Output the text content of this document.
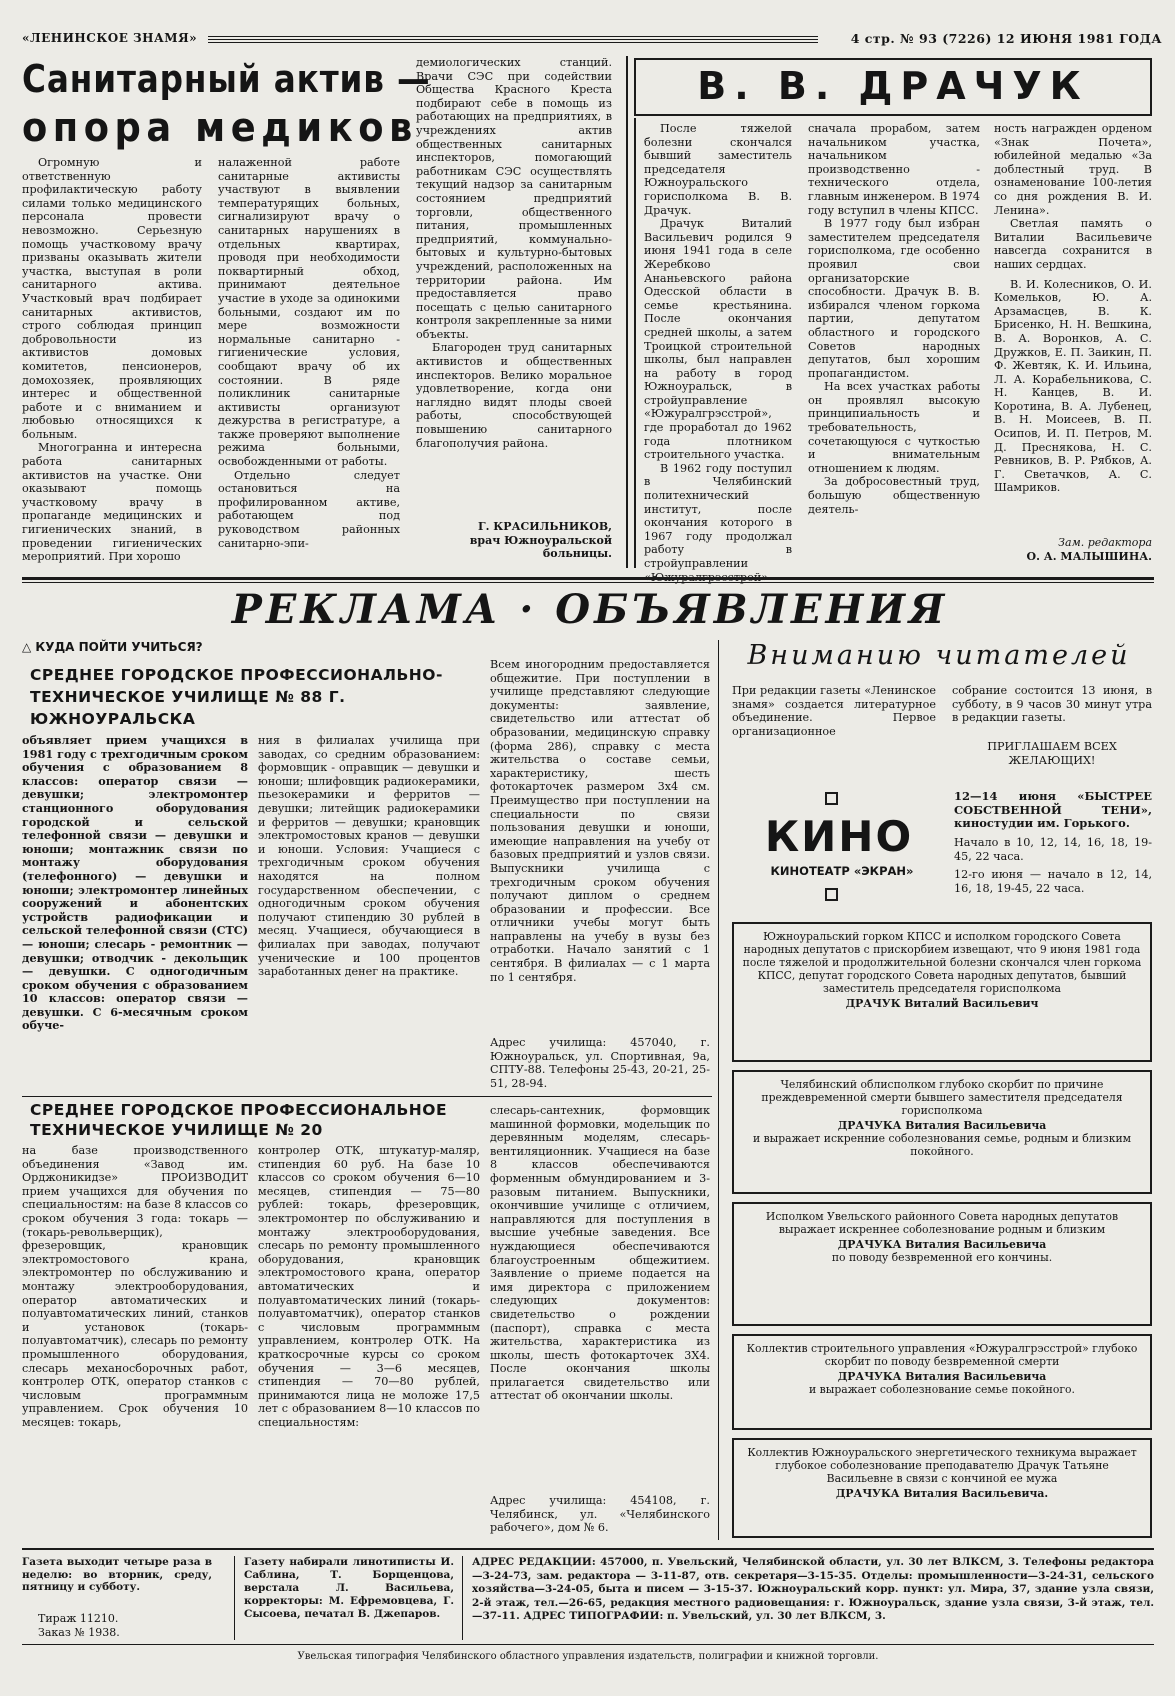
«ЛЕНИНСКОЕ ЗНАМЯ»	4 стр. № 93 (7226) 12 ИЮНЯ 1981 ГОДА
Санитарный актив —
опора медиков
Огромную и ответственную профилактическую работу силами только медицинского персонала провести невозможно. Серьезную помощь участковому врачу призваны оказывать жители участка, выступая в роли санитарного актива. Участковый врач подбирает санитарных активистов, строго соблюдая принцип добровольности из активистов домовых комитетов, пенсионеров, домохозяек, проявляющих интерес и общественной работе и с вниманием и любовью относящихся к больным.
Многогранна и интересна работа санитарных активистов на участке. Они оказывают помощь участковому врачу в пропаганде медицинских и гигиенических знаний, в проведении гигиенических мероприятий. При хорошо
налаженной работе санитарные активисты участвуют в выявлении температурящих больных, сигнализируют врачу о санитарных нарушениях в отдельных квартирах, проводя при необходимости поквартирный обход, принимают деятельное участие в уходе за одинокими больными, создают им по мере возможности нормальные санитарно - гигиенические условия, сообщают врачу об их состоянии. В ряде поликлиник санитарные активисты организуют дежурства в регистратуре, а также проверяют выполнение режима больными, освобожденными от работы.
Отдельно следует остановиться на профилированном активе, работающем под руководством районных санитарно-эпи-
демиологических станций. Врачи СЭС при содействии Общества Красного Креста подбирают себе в помощь из работающих на предприятиях, в учреждениях актив общественных санитарных инспекторов, помогающий работникам СЭС осуществлять текущий надзор за санитарным состоянием предприятий торговли, общественного питания, промышленных предприятий, коммунально-бытовых и культурно-бытовых учреждений, расположенных на территории района. Им предоставляется право посещать с целью санитарного контроля закрепленные за ними объекты.
Благороден труд санитарных активистов и общественных инспекторов. Велико моральное удовлетворение, когда они наглядно видят плоды своей работы, способствующей повышению санитарного благополучия района.
Г. КРАСИЛЬНИКОВ,
врач Южноуральской больницы.
В. В. ДРАЧУК
После тяжелой болезни скончался бывший заместитель председателя Южноуральского горисполкома В. В. Драчук.
Драчук Виталий Васильевич родился 9 июня 1941 года в селе Жеребково Ананьевского района Одесской области в семье крестьянина. После окончания средней школы, а затем Троицкой строительной школы, был направлен на работу в город Южноуральск, в стройуправление «Южуралгрэсстрой», где проработал до 1962 года плотником строительного участка.
В 1962 году поступил в Челябинский политехнический институт, после окончания которого в 1967 году продолжал работу в стройуправлении
сначала прорабом, затем начальником участка, начальником производственно - технического отдела, главным инженером. В 1974 году вступил в члены КПСС.
В 1977 году был избран заместителем председателя горисполкома, где особенно проявил свои организаторские способности. Драчук В. В. избирался членом горкома партии, депутатом областного и городского Советов народных депутатов, был хорошим пропагандистом.
На всех участках работы он проявлял высокую принципиальность и требовательность, сочетающуюся с чуткостью и внимательным отношением к людям.
За добросовестный труд, большую общественную деятель-
ность награжден орденом «Знак Почета», юбилейной медалью «За доблестный труд. В ознаменование 100-летия со дня рождения В. И. Ленина».
Светлая память о Виталии Васильевиче навсегда сохранится в наших сердцах.
В. И. Колесников, О. И. Комельков, Ю. А. Арзамасцев, В. К. Брисенко, Н. Н. Вешкина, В. А. Воронков, А. С. Дружков, Е. П. Заикин, П. Ф. Жевтяк, К. И. Ильина, Л. А. Корабельникова, С. Н. Канцев, В. И. Коротина, В. А. Лубенец, В. Н. Моисеев, В. П. Осипов, И. П. Петров, М. Д. Преснякова, Н. С. Ревников, В. Р. Рябков, А. Г. Светачков, А. С. Шамриков.
Зам. редактора
О. А. МАЛЫШИНА.
РЕКЛАМА · ОБЪЯВЛЕНИЯ
△ КУДА ПОЙТИ УЧИТЬСЯ?
СРЕДНЕЕ ГОРОДСКОЕ ПРОФЕССИОНАЛЬНО-ТЕХНИЧЕСКОЕ УЧИЛИЩЕ № 88 Г. ЮЖНОУРАЛЬСКА
объявляет прием учащихся в 1981 году с трехгодичным сроком обучения с образованием 8 классов: оператор связи — девушки; электромонтер станционного оборудования городской и сельской телефонной связи — девушки и юноши; монтажник связи по монтажу оборудования (телефонного) — девушки и юноши; электромонтер линейных сооружений и абонентских устройств радиофикации и сельской телефонной связи (СТС) — юноши; слесарь - ремонтник — девушки; отводчик - декольщик — девушки. С одногодичным сроком обучения с образованием 10 классов: оператор связи — девушки. С 6-месячным сроком обуче-
ния в филиалах училища при заводах, со средним образованием: формовщик - оправщик — девушки и юноши; шлифовщик радиокерамики, пьезокерамики и ферритов — девушки; литейщик радиокерамики и ферритов — девушки; крановщик электромостовых кранов — девушки и юноши. Условия: Учащиеся с трехгодичным сроком обучения находятся на полном государственном обеспечении, с одногодичным сроком обучения получают стипендию 30 рублей в месяц. Учащиеся, обучающиеся в филиалах при заводах, получают ученические и 100 процентов заработанных денег на практике.
Всем иногородним предоставляется общежитие. При поступлении в училище представляют следующие документы: заявление, свидетельство или аттестат об образовании, медицинскую справку (форма 286), справку с места жительства о составе семьи, характеристику, шесть фотокарточек размером 3х4 см. Преимущество при поступлении на специальности по связи пользования девушки и юноши, имеющие направления на учебу от базовых предприятий и узлов связи. Выпускники училища с трехгодичным сроком обучения получают диплом о среднем образовании и профессии. Все отличники учебы могут быть направлены на учебу в вузы без отработки. Начало занятий с 1 сентября. В филиалах — с 1 марта по 1 сентября.
Адрес училища: 457040, г. Южноуральск, ул. Спортивная, 9а, СПТУ-88. Телефоны 25-43, 20-21, 25-51, 28-94.
СРЕДНЕЕ ГОРОДСКОЕ ПРОФЕССИОНАЛЬНОЕ ТЕХНИЧЕСКОЕ УЧИЛИЩЕ № 20
на базе производственного объединения «Завод им. Орджоникидзе» ПРОИЗВОДИТ прием учащихся для обучения по специальностям: на базе 8 классов со сроком обучения 3 года: токарь — (токарь-револьверщик), фрезеровщик, крановщик электромостового крана, электромонтер по обслуживанию и монтажу электрооборудования, оператор автоматических и полуавтоматических линий, станков и установок (токарь-полуавтоматчик), слесарь по ремонту промышленного оборудования, слесарь механосборочных работ, контролер ОТК, оператор станков с числовым программным управлением. Срок обучения 10 месяцев: токарь,
контролер ОТК, штукатур-маляр, стипендия 60 руб. На базе 10 классов со сроком обучения 6—10 месяцев, стипендия — 75—80 рублей: токарь, фрезеровщик, электромонтер по обслуживанию и монтажу электрооборудования, слесарь по ремонту промышленного оборудования, крановщик электромостового крана, оператор автоматических и полуавтоматических линий (токарь-полуавтоматчик), оператор станков с числовым программным управлением, контролер ОТК. На краткосрочные курсы со сроком обучения — 3—6 месяцев, стипендия — 70—80 рублей, принимаются лица не моложе 17,5 лет с образованием 8—10 классов по специальностям:
слесарь-сантехник, формовщик машинной формовки, модельщик по деревянным моделям, слесарь-вентиляционник. Учащиеся на базе 8 классов обеспечиваются форменным обмундированием и 3-разовым питанием. Выпускники, окончившие училище с отличием, направляются для поступления в высшие учебные заведения. Все нуждающиеся обеспечиваются благоустроенным общежитием. Заявление о приеме подается на имя директора с приложением следующих документов: свидетельство о рождении (паспорт), справка с места жительства, характеристика из школы, шесть фотокарточек 3Х4. После окончания школы прилагается свидетельство или аттестат об окончании школы.
Адрес училища: 454108, г. Челябинск, ул. «Челябинского рабочего», дом № 6.
Вниманию читателей
При редакции газеты «Ленинское знамя» создается литературное объединение. Первое организационное
собрание состоится 13 июня, в субботу, в 9 часов 30 минут утра в редакции газеты.
ПРИГЛАШАЕМ ВСЕХ ЖЕЛАЮЩИХ!
КИНО
КИНОТЕАТР «ЭКРАН»
12—14 июня «БЫСТРЕЕ СОБСТВЕННОЙ ТЕНИ», киностудии им. Горького.
Начало в 10, 12, 14, 16, 18, 19-45, 22 часа.
12-го июня — начало в 12, 14, 16, 18, 19-45, 22 часа.
Южноуральский горком КПСС и исполком городского Совета народных депутатов с прискорбием извещают, что 9 июня 1981 года после тяжелой и продолжительной болезни скончался член горкома КПСС, депутат городского Совета народных депутатов, бывший заместитель председателя горисполкома
ДРАЧУК Виталий Васильевич
Челябинский облисполком глубоко скорбит по причине преждевременной смерти бывшего заместителя председателя горисполкома
ДРАЧУКА Виталия Васильевича
и выражает искренние соболезнования семье, родным и близким покойного.
Исполком Увельского районного Совета народных депутатов выражает искреннее соболезнование родным и близким
ДРАЧУКА Виталия Васильевича
по поводу безвременной его кончины.
Коллектив строительного управления «Южуралгрэсстрой» глубоко скорбит по поводу безвременной смерти
ДРАЧУКА Виталия Васильевича
и выражает соболезнование семье покойного.
Коллектив Южноуральского энергетического техникума выражает глубокое соболезнование преподавателю Драчук Татьяне Васильевне в связи с кончиной ее мужа
ДРАЧУКА Виталия Васильевича.
Газета выходит четыре раза в неделю: во вторник, среду, пятницу и субботу.
Тираж 11210.
Заказ № 1938.
Газету набирали линотиписты И. Саблина, Т. Борщенцова, верстала Л. Васильева, корректоры: М. Ефремовцева, Г. Сысоева, печатал В. Джепаров.
АДРЕС РЕДАКЦИИ: 457000, п. Увельский, Челябинской области, ул. 30 лет ВЛКСМ, 3. Телефоны редактора—3-24-73, зам. редактора — 3-11-87, отв. секретаря—3-15-35. Отделы: промышленности—3-24-31, сельского хозяйства—3-24-05, быта и писем — 3-15-37. Южноуральский корр. пункт: ул. Мира, 37, здание узла связи, 2-й этаж, тел.—26-65, редакция местного радиовещания: г. Южноуральск, здание узла связи, 3-й этаж, тел. —37-11. АДРЕС ТИПОГРАФИИ: п. Увельский, ул. 30 лет ВЛКСМ, 3.
Увельская типография Челябинского областного управления издательств, полиграфии и книжной торговли.
